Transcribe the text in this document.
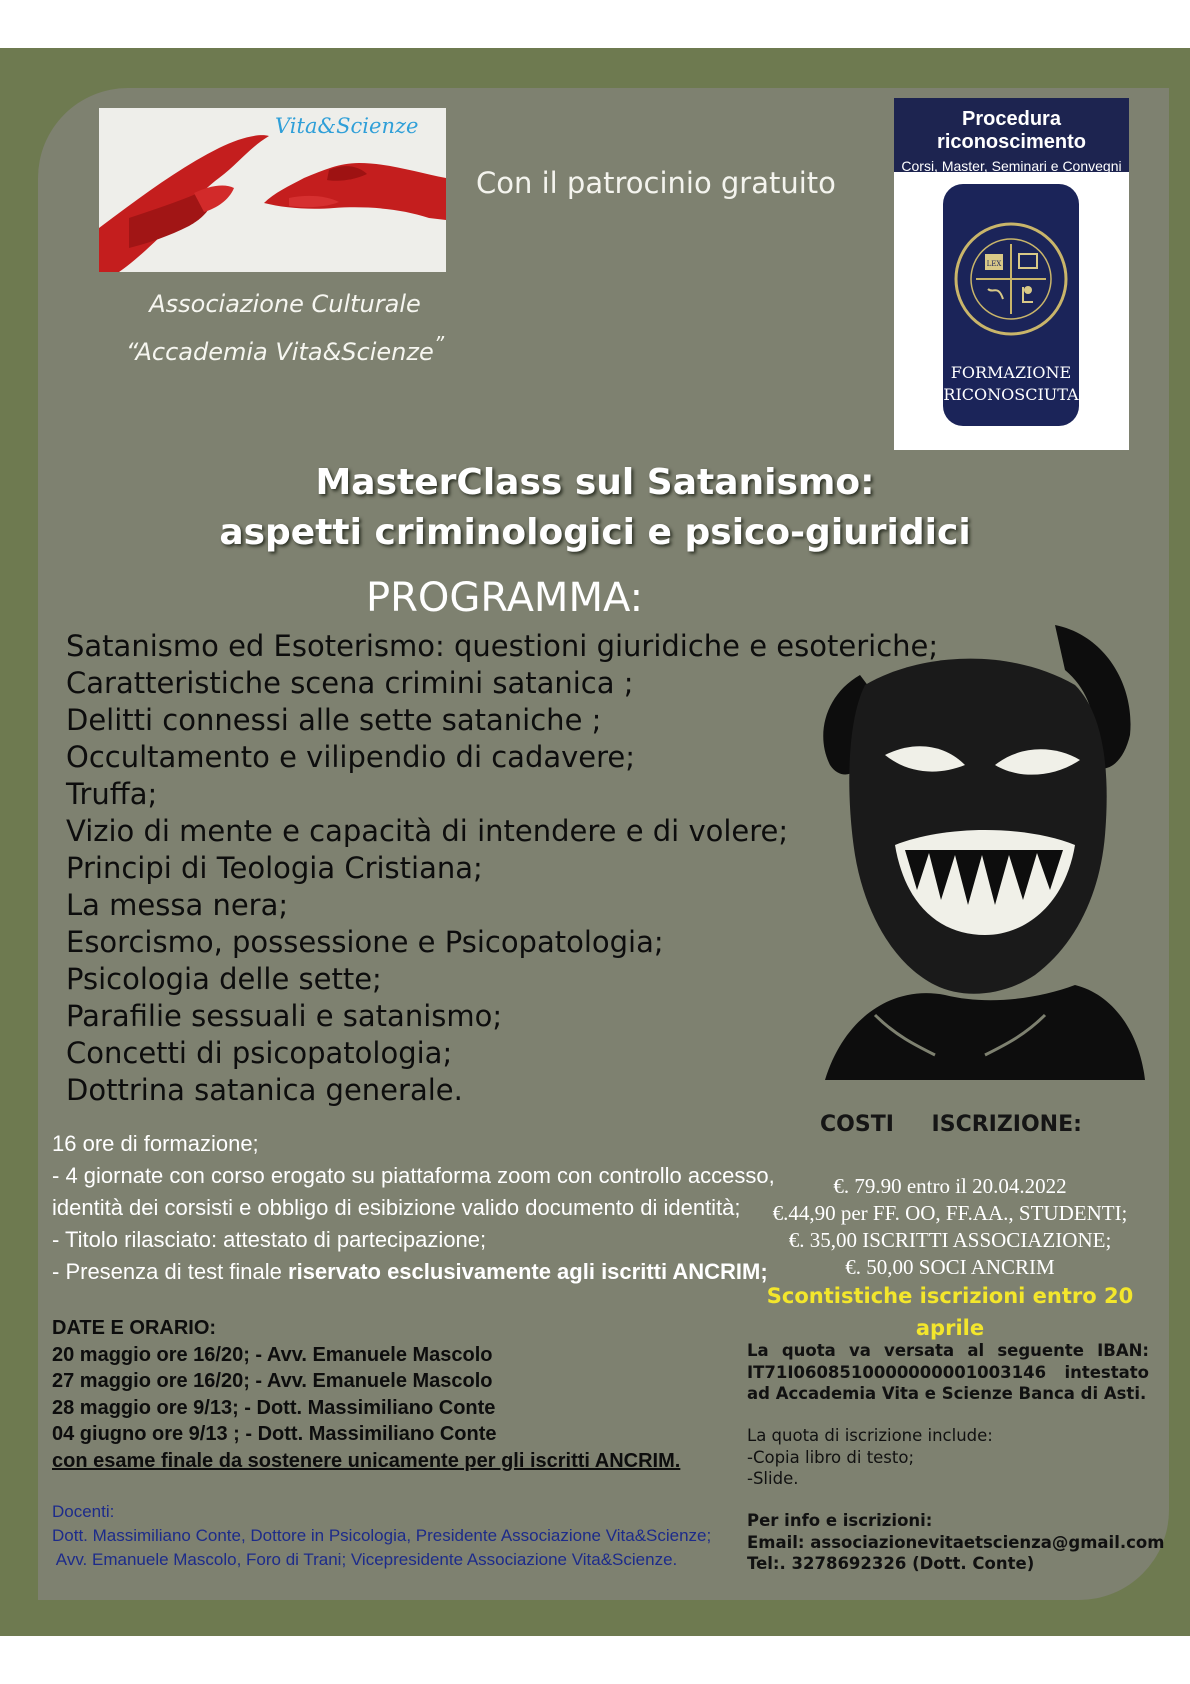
Vita&Scienze
Con il patrocinio gratuito
Associazione Culturale
“Accademia Vita&Scienze”
Procedura riconoscimento
Corsi, Master, Seminari e Convegni
LEX
FORMAZIONE
RICONOSCIUTA
MasterClass sul Satanismo:
aspetti criminologici e psico-giuridici
PROGRAMMA:
Satanismo ed Esoterismo: questioni giuridiche e esoteriche;
Caratteristiche scena crimini satanica ;
Delitti connessi alle sette sataniche ;
Occultamento e vilipendio di cadavere;
Truffa;
Vizio di mente e capacità di intendere e di volere;
Principi di Teologia Cristiana;
La messa nera;
Esorcismo, possessione e Psicopatologia;
Psicologia delle sette;
Parafilie sessuali e satanismo;
Concetti di psicopatologia;
Dottrina satanica generale.
16 ore di formazione;
- 4 giornate con corso erogato su piattaforma zoom con controllo accesso,
identità dei corsisti e obbligo di esibizione valido documento di identità;
- Titolo rilasciato: attestato di partecipazione;
- Presenza di test finale riservato esclusivamente agli iscritti ANCRIM;
DATE E ORARIO:
20 maggio ore 16/20; - Avv. Emanuele Mascolo
27 maggio ore 16/20; - Avv. Emanuele Mascolo
28 maggio ore 9/13; - Dott. Massimiliano Conte
04 giugno ore 9/13 ; - Dott. Massimiliano Conte
con esame finale da sostenere unicamente per gli iscritti ANCRIM.
Docenti:
Dott. Massimiliano Conte, Dottore in Psicologia, Presidente Associazione Vita&Scienze;
Avv. Emanuele Mascolo, Foro di Trani; Vicepresidente Associazione Vita&Scienze.
COSTI ISCRIZIONE:
€. 79.90 entro il 20.04.2022
€.44,90 per FF. OO, FF.AA., STUDENTI;
€. 35,00 ISCRITTI ASSOCIAZIONE;
€. 50,00 SOCI ANCRIM
Scontistiche iscrizioni entro 20
aprile
La quota va versata al seguente IBAN: IT71I0608510000000001003146 intestato ad Accademia Vita e Scienze Banca di Asti.
La quota di iscrizione include:
-Copia libro di testo;
-Slide.
Per info e iscrizioni:
Email: associazionevitaetscienza@gmail.com
Tel:. 3278692326 (Dott. Conte)
